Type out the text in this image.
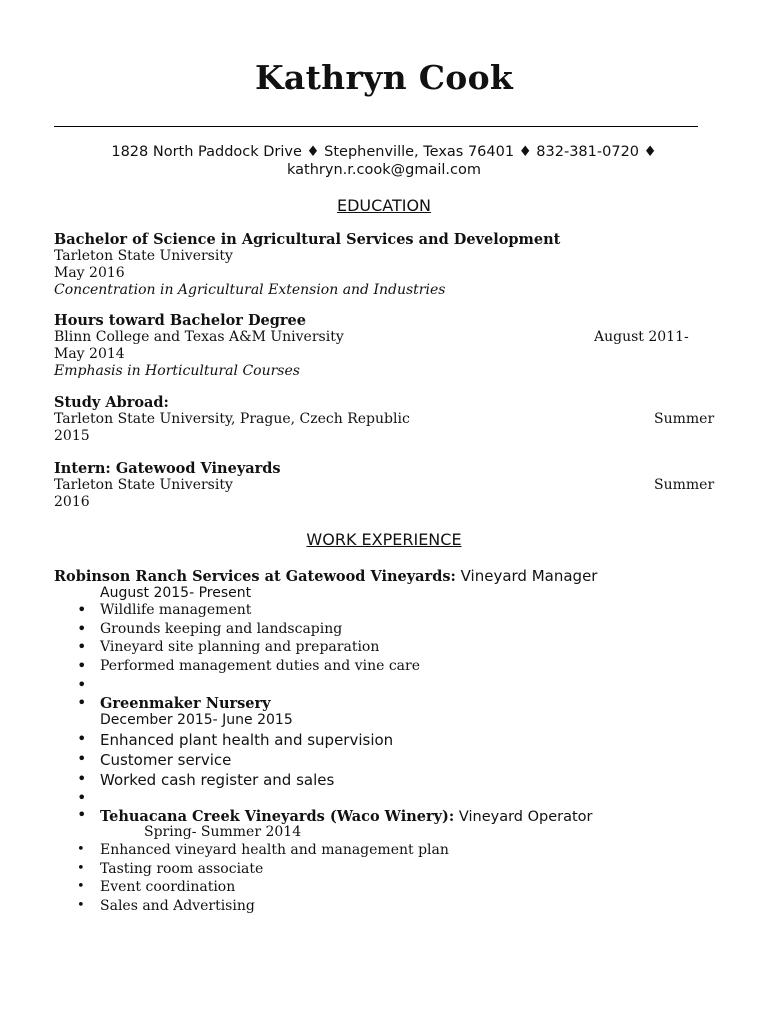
Kathryn Cook
1828 North Paddock Drive ♦ Stephenville, Texas 76401 ♦ 832-381-0720 ♦
kathryn.r.cook@gmail.com
EDUCATION
Bachelor of Science in Agricultural Services and Development
Tarleton State University
May 2016
Concentration in Agricultural Extension and Industries
Hours toward Bachelor Degree
Blinn College and Texas A&M University	August 2011-
May 2014
Emphasis in Horticultural Courses
Study Abroad:
Tarleton State University, Prague, Czech Republic	Summer
2015
Intern: Gatewood Vineyards
Tarleton State University	Summer
2016
WORK EXPERIENCE
Robinson Ranch Services at Gatewood Vineyards: Vineyard Manager
August 2015- Present
• Wildlife management
• Grounds keeping and landscaping
• Vineyard site planning and preparation
• Performed management duties and vine care
•
• Greenmaker Nursery
December 2015- June 2015
• Enhanced plant health and supervision
• Customer service
• Worked cash register and sales
•
• Tehuacana Creek Vineyards (Waco Winery): Vineyard Operator
Spring- Summer 2014
• Enhanced vineyard health and management plan
• Tasting room associate
• Event coordination
• Sales and Advertising
